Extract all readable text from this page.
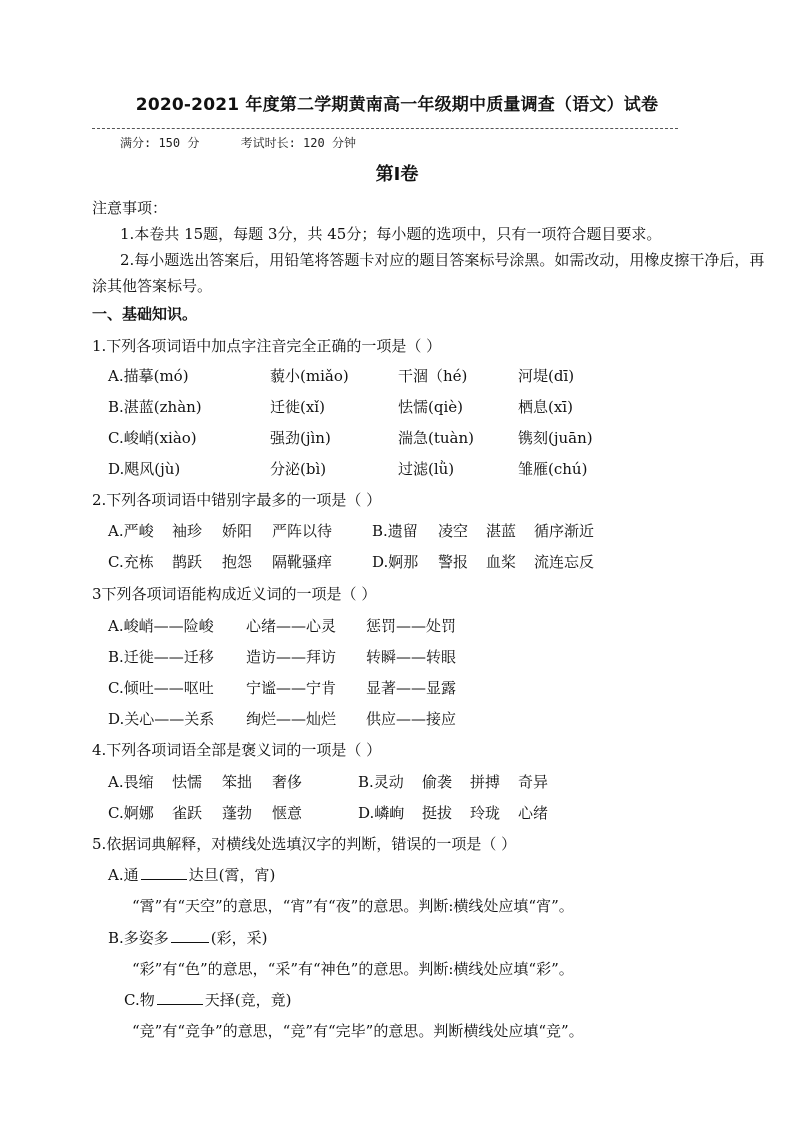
2020-2021 年度第二学期黄南高一年级期中质量调查（语文）试卷
满分: 150 分	考试时长: 120 分钟
第Ⅰ卷
注意事项：
1.本卷共 15题，每题 3分，共 45分；每小题的选项中，只有一项符合题目要求。
2.每小题选出答案后，用铅笔将答题卡对应的题目答案标号涂黑。如需改动，用橡皮擦干净后，再
涂其他答案标号。
一、基础知识。
1.下列各项词语中加点字注音完全正确的一项是（ ）
A.描摹(mó)	藐小(miǎo)	干涸（hé)	河堤(dī)
B.湛蓝(zhàn)	迁徙(xǐ)	怯懦(qiè)	栖息(xī)
C.峻峭(xiào)	强劲(jìn)	湍急(tuàn)	镌刻(juān)
D.飓风(jù)	分泌(bì)	过滤(lǜ)	雏雁(chú)
2.下列各项词语中错别字最多的一项是（ ）
A.严峻 袖珍 娇阳 严阵以待	B.遗留 凌空 湛蓝 循序渐近
C.充栋 鹊跃 抱怨 隔靴骚痒	D.婀那 警报 血桨 流连忘反
3下列各项词语能构成近义词的一项是（ ）
A.峻峭——险峻 心绪——心灵 惩罚——处罚
B.迁徙——迁移 造访——拜访 转瞬——转眼
C.倾吐——呕吐 宁谧——宁肯 显著——显露
D.关心——关系 绚烂——灿烂 供应——接应
4.下列各项词语全部是褒义词的一项是（ ）
A.畏缩 怯懦 笨拙 奢侈	B.灵动 偷袭 拼搏 奇异
C.婀娜 雀跃 蓬勃 惬意	D.嶙峋 挺拔 玲珑 心绪
5.依据词典解释，对横线处选填汉字的判断，错误的一项是（ ）
A.通	达旦(霄，宵)
“霄”有“天空”的意思，“宵”有“夜”的意思。判断:横线处应填“宵”。
B.多姿多	(彩，采)
“彩”有“色”的意思，“采”有“神色”的意思。判断:横线处应填“彩”。
C.物	天择(竞，竟)
“竞”有“竞争”的意思，“竞”有“完毕”的意思。判断横线处应填“竞”。
